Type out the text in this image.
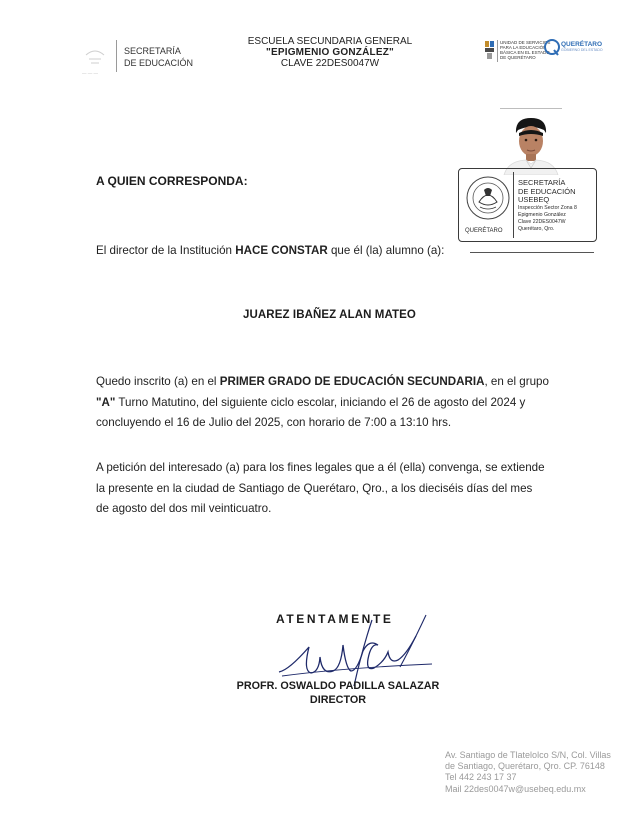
— — —
SECRETARÍA
DE EDUCACIÓN
ESCUELA SECUNDARIA GENERAL
"EPIGMENIO GONZÁLEZ"
CLAVE 22DES0047W
UNIDAD DE SERVICIOS
PARA LA EDUCACIÓN
BÁSICA EN EL ESTADO
DE QUERÉTARO
QUERÉTARO
GOBIERNO DEL ESTADO
QUERÉTARO
SECRETARÍA
DE EDUCACIÓN
USEBEQ
Inspección Sector Zona 8
Epigmenio González
Clave 22DES0047W
Querétaro, Qro.
A QUIEN CORRESPONDA:
El director de la Institución HACE CONSTAR que él (la) alumno (a):
JUAREZ IBAÑEZ ALAN MATEO
Quedo inscrito (a) en el PRIMER GRADO DE EDUCACIÓN SECUNDARIA, en el grupo
"A" Turno Matutino, del siguiente ciclo escolar, iniciando el 26 de agosto del 2024 y
concluyendo el 16 de Julio del 2025, con horario de 7:00 a 13:10 hrs.
A petición del interesado (a) para los fines legales que a él (ella) convenga, se extiende
la presente en la ciudad de Santiago de Querétaro, Qro., a los dieciséis días del mes
de agosto del dos mil veinticuatro.
ATENTAMENTE
PROFR. OSWALDO PADILLA SALAZAR
DIRECTOR
Av. Santiago de Tlatelolco S/N, Col. Villas
de Santiago, Querétaro, Qro. CP. 76148
Tel 442 243 17 37
Mail 22des0047w@usebeq.edu.mx
